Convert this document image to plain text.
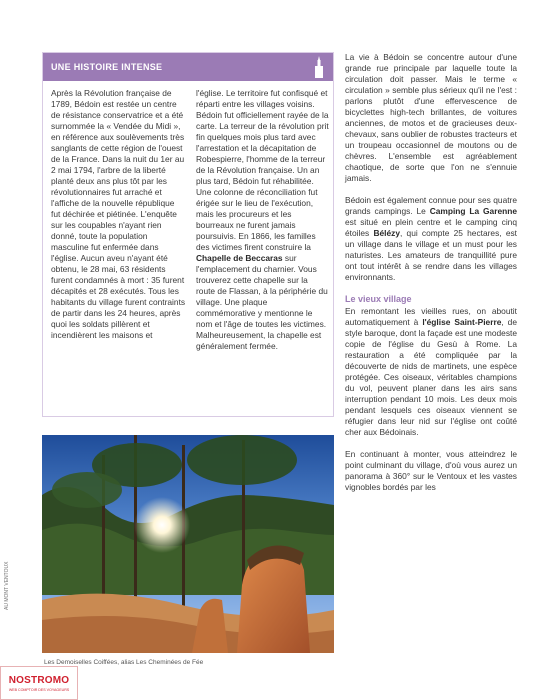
UNE HISTOIRE INTENSE

Après la Révolution française de 1789, Bédoin est restée un centre de résistance conservatrice et a été surnommée la « Vendée du Midi », en référence aux soulèvements très sanglants de cette région de l'ouest de la France. Dans la nuit du 1er au 2 mai 1794, l'arbre de la liberté planté deux ans plus tôt par les révolutionnaires fut arraché et l'affiche de la nouvelle république fut déchirée et piétinée. L'enquête sur les coupables n'ayant rien donné, toute la population masculine fut enfermée dans l'église. Aucun aveu n'ayant été obtenu, le 28 mai, 63 résidents furent condamnés à mort : 35 furent décapités et 28 exécutés. Tous les habitants du village furent contraints de partir dans les 24 heures, après quoi les soldats pillèrent et incendièrent les maisons et

l'église. Le territoire fut confisqué et réparti entre les villages voisins. Bédoin fut officiellement rayée de la carte. La terreur de la révolution prit fin quelques mois plus tard avec l'arrestation et la décapitation de Robespierre, l'homme de la terreur de la Révolution française. Un an plus tard, Bédoin fut réhabilitée. Une colonne de réconciliation fut érigée sur le lieu de l'exécution, mais les procureurs et les bourreaux ne furent jamais poursuivis. En 1866, les familles des victimes firent construire la Chapelle de Beccaras sur l'emplacement du charnier. Vous trouverez cette chapelle sur la route de Flassan, à la périphérie du village. Une plaque commémorative y mentionne le nom et l'âge de toutes les victimes. Malheureusement, la chapelle est généralement fermée.

La vie à Bédoin se concentre autour d'une grande rue principale par laquelle toute la circulation doit passer. Mais le terme « circulation » semble plus sérieux qu'il ne l'est : parlons plutôt d'une effervescence de bicyclettes high-tech brillantes, de voitures anciennes, de motos et de gracieuses deux-chevaux, sans oublier de robustes tracteurs et un troupeau occasionnel de moutons ou de chèvres. L'ensemble est agréablement chaotique, de sorte que l'on ne s'ennuie jamais.

Bédoin est également connue pour ses quatre grands campings. Le Camping La Garenne est situé en plein centre et le camping cinq étoiles Bélézy, qui compte 25 hectares, est un village dans le village et un must pour les naturistes. Les amateurs de tranquillité pure ont tout intérêt à se rendre dans les villages environnants.

Le vieux village

En remontant les vieilles rues, on aboutit automatiquement à l'église Saint-Pierre, de style baroque, dont la façade est une modeste copie de l'église du Gesù à Rome. La restauration a été compliquée par la découverte de nids de martinets, une espèce protégée. Ces oiseaux, véritables champions du vol, peuvent planer dans les airs sans interruption pendant 10 mois. Les deux mois pendant lesquels ces oiseaux viennent se réfugier dans leur nid sur l'église ont coûté cher aux Bédoinais.

En continuant à monter, vous atteindrez le point culminant du village, d'où vous aurez un panorama à 360° sur le Ventoux et les vastes vignobles bordés par les

Les Demoiselles Coiffées, alias Les Cheminées de Fée
AU MONT VENTOUX
NOSTROMO
WEB COMPTOIR DES VOYAGEURS
